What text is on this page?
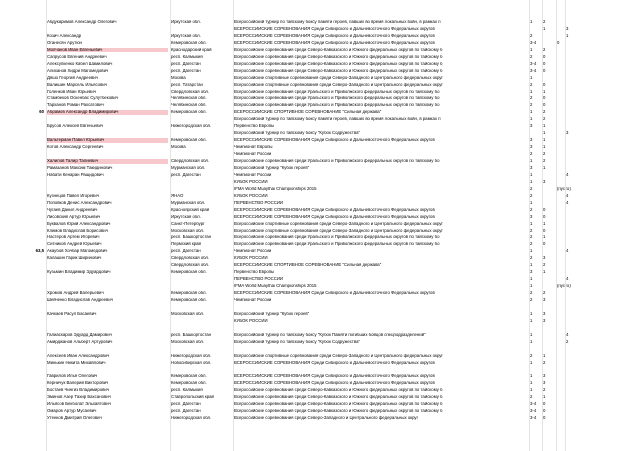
Абдукаримов Александр Олегович	Иркутская обл.	Всероссийский турнир по тайскому боксу памяти героев, павших во время локальных войн, в рамках п	1	2
ВСЕРОССИЙСКИЕ СОРЕВНОВАНИЯ Среди Сибирского и Дальневосточного Федеральных округов	1	3
Козич Александр	Иркутская обл.	ВСЕРОССИЙСКИЕ СОРЕВНОВАНИЯ Среди Сибирского и Дальневосточного Федеральных округов	2	1
Оганесян Арутюн	Кемеровская обл.	ВСЕРОССИЙСКИЕ СОРЕВНОВАНИЯ Среди Сибирского и Дальневосточного Федеральных округов	3-4	0
Молчанов Иван Евгеньевич	Краснодарский край	Всероссийские соревнования среди Северо-Кавказского и Южного федеральных округов по тайскому б	1	2
Сапрусов Евгений Андреевич	респ. Калмыкия	Всероссийские соревнования среди Северо-Кавказского и Южного федеральных округов по тайскому б	2	0
Алексупкенко Кабел Шамилович	респ. Дагестан	Всероссийские соревнования среди Северо-Кавказского и Южного федеральных округов по тайскому б	3-4	0
Алиханов Хидри Магомедович	респ. Дагестан	Всероссийские соревнования среди Северо-Кавказского и Южного федеральных округов по тайскому б	3-4	0
Дяшо Георгий Андреевич	Москва	Всероссийские спортивные соревнования среди Северо-Западного и Центрального федеральных округ	1
Валишин Марсель Ильясович	респ. Татарстан	Всероссийские спортивные соревнования среди Северо-Западного и Центрального федеральных округ	2	0
Голенков Иван Юрьевич	Свердловская обл.	Всероссийские соревнования среди Уральского и Приволжского федеральных округов по тайскому бо	1	1
Стамбеков Оскенбас Сулутбекович	Челябинская обл.	Всероссийские соревнования среди Уральского и Приволжского федеральных округов по тайскому бо	2	0
Тарханов Роман Рахсатович	Челябинская обл.	Всероссийские соревнования среди Уральского и Приволжского федеральных округов по тайскому бо	2	0
60 Абрамов Александр Владимирович	Кемеровская обл.	ВСЕРОССИЙСКИЕ СПОРТИВНОЕ СОРЕВНОВАНИЕ "Сильная держава"	1	2
Всероссийский турнир по тайскому боксу памяти героев, павших во время локальных войн, в рамках п	1	2
Брусов Алексей Евгеньевич	Нижегородская обл.	Первенство Европы	3	1
Всероссийский турнир по тайскому боксу "Кубок Содружества"	1	3
Вальтерман Павел Юрьевич	Кемеровская обл.	ВСЕРОССИЙСКИЕ СОРЕВНОВАНИЯ Среди Сибирского и Дальневосточного Федеральных округов	3	1
Котов Александр Сергеевич	Москва	Чемпионат Европы	3	1
Чемпионат России	2	2
Халилов Талир Талиевич	Свердловская обл.	Всероссийские соревнования среди Уральского и Приволжского федеральных округов по тайскому бо	1	2
Рамазанов Максим Такидинович	Мурманская обл.	Всероссийский турнир "Кубок героев"	3	1
Набати Кенаран Ращидович	респ. Дагестан	Чемпионат России	1	4
КУБОК РОССИИ	1	3
IFMA World Muaythai Championships 2015	2	(пусто)
Кузнецов Павел Игоревич	ЯНАО	КУБОК РОССИИ	2	4
Поповков Денис Александрович	Мурманская обл.	ПЕРВЕНСТВО РОССИИ	1	4
Чугаев Данил Андреевич	Красноярский край	ВСЕРОССИЙСКИЕ СОРЕВНОВАНИЯ Среди Сибирского и Дальневосточного Федеральных округов	2	0
Лисовский Артур Юрьевич	Иркутская обл.	ВСЕРОССИЙСКИЕ СОРЕВНОВАНИЯ Среди Сибирского и Дальневосточного Федеральных округов	3	0
Буквалов Юрий Александрович	Санкт-Петербург	Всероссийские спортивные соревнования среди Северо-Западного и Центрального федеральных округ	1	1
Климов Владислав Борисович	Московская обл.	Всероссийские спортивные соревнования среди Северо-Западного и Центрального федеральных округ	2	0
Настеров Артем Игоревич	респ. Башкортостан	Всероссийские соревнования среди Уральского и Приволжского федеральных округов по тайскому бо	2	1
Ситников Андрей Юрьевич	Пермский край	Всероссийские соревнования среди Уральского и Приволжского федеральных округов по тайскому бо	2	0
63,5 Акаубов Хочбар Магомедович	респ. Дагестан	Чемпионат России	1	4
Калашин Гарик Ширинович	Свердловская обл.	КУБОК РОССИИ	2	3
Свердловская обл.	ВСЕРОССИЙСКИЕ СПОРТИВНОЕ СОРЕВНОВАНИЕ "Сильная держава"	1	2
Кузьмин Владимир Эдуардович	Кемеровская обл.	Первенство Европы	3	1
ПЕРВЕНСТВО РОССИИ	1	4
IFMA World Muaythai Championships 2015	1	(пусто)
Хромов Андрей Валерьевич	Кемеровская обл.	ВСЕРОССИЙСКИЕ СОРЕВНОВАНИЯ Среди Сибирского и Дальневосточного Федеральных округов	2	2
Шевченко Владислав Андреевич	Кемеровская обл.	Чемпионат России	2	3
Качкаев Расул Басаевич	Московская обл.	Всероссийский турнир "Кубок героев"	1	3
КУБОК РОССИИ	1	3
Галиаскаров Эдуард Дамирович	респ. Башкортостан	Всероссийский турнир по тайскому боксу "Кубок Памяти погибших бойцов спецподразделений"	1	4
Амирджанов Альберт Артурович	Московская обл.	Всероссийский турнир по тайскому боксу "Кубок Содружества"	1	2
Алексеев Иван Александрович	Нижегородская обл.	Всероссийские спортивные соревнования среди Северо-Западного и Центрального федеральных округ	2	1
Минькин Никита Михайлович	Новосибирская обл.	ВСЕРОССИЙСКИЕ СОРЕВНОВАНИЯ Среди Сибирского и Дальневосточного Федеральных округов	1	2
Гаврилов Илья Олегович	Кемеровская обл.	ВСЕРОССИЙСКИЕ СОРЕВНОВАНИЯ Среди Сибирского и Дальневосточного Федеральных округов	1	3
Керничук Валерий Викторович	Кемеровская обл.	ВСЕРОССИЙСКИЕ СОРЕВНОВАНИЯ Среди Сибирского и Дальневосточного Федеральных округов	1	3
Бостаев Чингиз Владимирович	респ. Калмыкия	Всероссийские соревнования среди Северо-Кавказского и Южного федеральных округов по тайскому б	1	2
Эминов Азер Тахир Бахсанович	Ставропольский край	Всероссийские соревнования среди Северо-Кавказского и Южного федеральных округов по тайскому б	2	1
Ильясов Бекболат Эльхаятович	респ. Дагестан	Всероссийские соревнования среди Северо-Кавказского и Южного федеральных округов по тайскому б	3-4	0
Омаров Артур Мусаевич	респ. Дагестан	Всероссийские соревнования среди Северо-Кавказского и Южного федеральных округов по тайскому б	3-4	0
Утенков Дмитрий Олегович	Нижегородская обл.	Всероссийские соревнования среди Северо-Западного и Центрального федеральных округ	3-4	0
